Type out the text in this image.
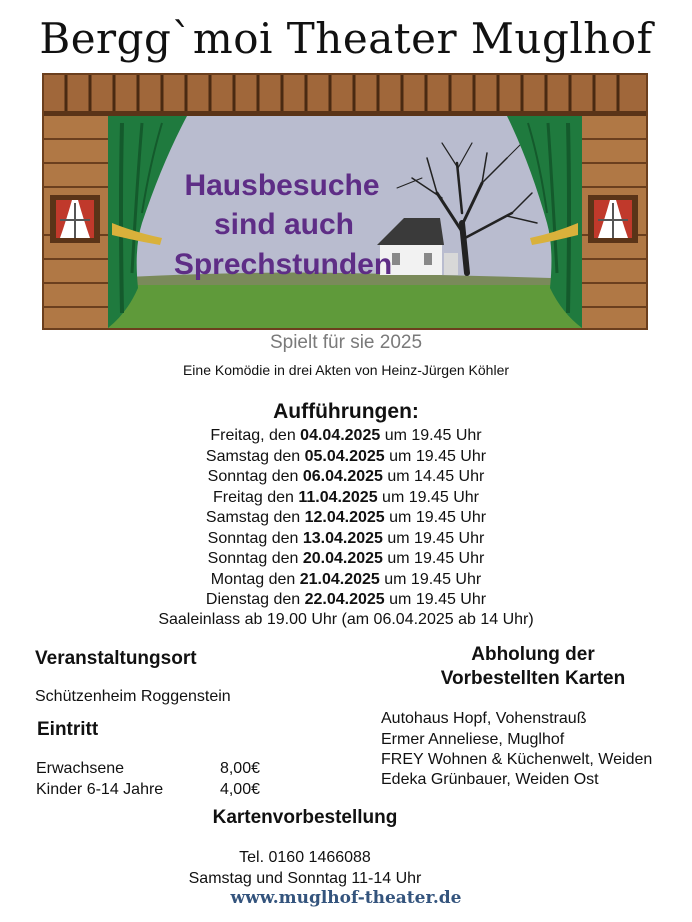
Bergg`moi Theater Muglhof
Hausbesuche
sind auch
Sprechstunden
Spielt für sie 2025
Eine Komödie in drei Akten von Heinz-Jürgen Köhler
Aufführungen:
Freitag, den 04.04.2025 um 19.45 Uhr
Samstag den 05.04.2025 um 19.45 Uhr
Sonntag den 06.04.2025 um 14.45 Uhr
Freitag den 11.04.2025 um 19.45 Uhr
Samstag den 12.04.2025 um 19.45 Uhr
Sonntag den 13.04.2025 um 19.45 Uhr
Sonntag den 20.04.2025 um 19.45 Uhr
Montag den 21.04.2025 um 19.45 Uhr
Dienstag den 22.04.2025 um 19.45 Uhr
Saaleinlass ab 19.00 Uhr (am 06.04.2025 ab 14 Uhr)
Veranstaltungsort
Schützenheim Roggenstein
Eintritt
Erwachsene	8,00€
Kinder 6-14 Jahre	4,00€
Abholung der
Vorbestellten Karten
Autohaus Hopf, Vohenstrauß
Ermer Anneliese, Muglhof
FREY Wohnen & Küchenwelt, Weiden
Edeka Grünbauer, Weiden Ost
Kartenvorbestellung
Tel. 0160 1466088
Samstag und Sonntag 11-14 Uhr
www.muglhof-theater.de
